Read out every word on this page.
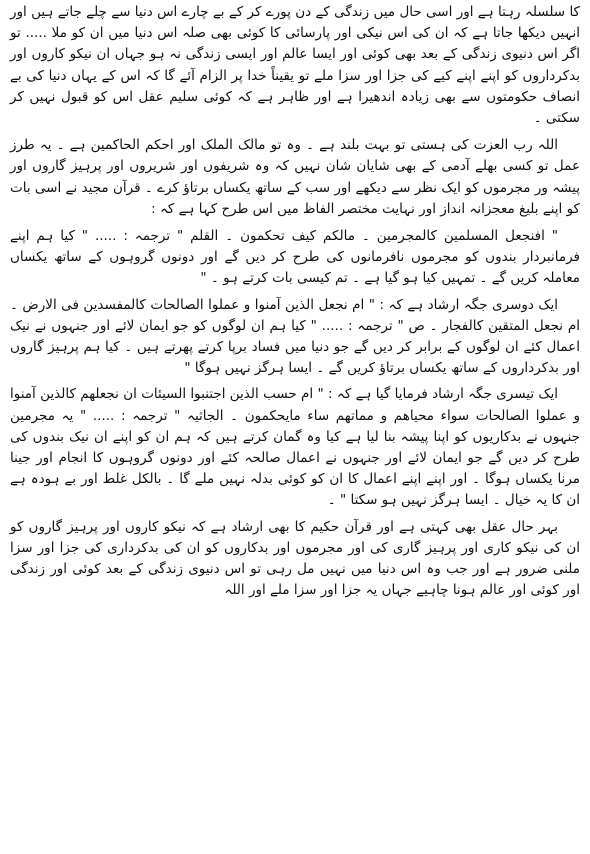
کا سلسلہ رہتا ہے اور اسی حال میں زندگی کے دن پورے کر کے بے چارے اس دنیا سے چلے جاتے ہیں اور انہیں دیکھا جاتا ہے کہ ان کی اس نیکی اور پارسائی کا کوئی بھی صلہ اس دنیا میں ان کو ملا ..... تو اگر اس دنیوی زندگی کے بعد بھی کوئی اور ایسا عالم اور ایسی زندگی نہ ہو جہاں ان نیکو کاروں اور بدکرداروں کو اپنے اپنے کیے کی جزا اور سزا ملے تو یقیناً خدا پر الزام آئے گا کہ اس کے یہاں دنیا کی بے انصاف حکومتوں سے بھی زیادہ اندھیرا ہے اور ظاہر ہے کہ کوئی سلیم عقل اس کو قبول نہیں کر سکتی ۔

اللہ رب العزت کی ہستی تو بہت بلند ہے ۔ وہ تو مالک الملک اور احکم الحاکمین ہے ۔ یہ طرز عمل تو کسی بھلے آدمی کے بھی شایان شان نہیں کہ وہ شریفوں اور شریروں اور پرہیز گاروں اور پیشہ ور مجرموں کو ایک نظر سے دیکھے اور سب کے ساتھ یکساں برتاؤ کرے ۔ قرآن مجید نے اسی بات کو اپنے بلیغ معجزانہ انداز اور نہایت مختصر الفاظ میں اس طرح کہا ہے کہ :

" افنجعل المسلمین کالمجرمین ۔ مالکم کیف تحکمون ۔ القلم " ترجمہ : ..... " کیا ہم اپنے فرمانبردار بندوں کو مجرموں نافرمانوں کی طرح کر دیں گے اور دونوں گروہوں کے ساتھ یکساں معاملہ کریں گے ۔ تمہیں کیا ہو گیا ہے ۔ تم کیسی بات کرتے ہو ۔ "

ایک دوسری جگہ ارشاد ہے کہ : " ام نجعل الذین آمنوا و عملوا الصالحات کالمفسدین فی الارض ۔ ام نجعل المتقین کالفجار ۔ ص " ترجمہ : ..... " کیا ہم ان لوگوں کو جو ایمان لائے اور جنہوں نے نیک اعمال کئے ان لوگوں کے برابر کر دیں گے جو دنیا میں فساد برپا کرتے پھرتے ہیں ۔ کیا ہم پرہیز گاروں اور بدکرداروں کے ساتھ یکساں برتاؤ کریں گے ۔ ایسا ہرگز نہیں ہوگا "

ایک تیسری جگہ ارشاد فرمایا گیا ہے کہ : " ام حسب الذین اجتنبوا السیئات ان نجعلھم کالذین آمنوا و عملوا الصالحات سواء محیاھم و مماتھم ساء مایحکمون ۔ الجاثیہ " ترجمہ : ..... " یہ مجرمین جنہوں نے بدکاریوں کو اپنا پیشہ بنا لیا ہے کیا وہ گمان کرتے ہیں کہ ہم ان کو اپنے ان نیک بندوں کی طرح کر دیں گے جو ایمان لائے اور جنہوں نے اعمال صالحہ کئے اور دونوں گروہوں کا انجام اور جینا مرنا یکساں ہوگا ۔ اور اپنے اپنے اعمال کا ان کو کوئی بدلہ نہیں ملے گا ۔ بالکل غلط اور بے ہودہ ہے ان کا یہ خیال ۔ ایسا ہرگز نہیں ہو سکتا " ۔

بہر حال عقل بھی کہتی ہے اور قرآن حکیم کا بھی ارشاد ہے کہ نیکو کاروں اور پرہیز گاروں کو ان کی نیکو کاری اور پرہیز گاری کی اور مجرموں اور بدکاروں کو ان کی بدکرداری کی جزا اور سزا ملنی ضرور ہے اور جب وہ اس دنیا میں نہیں مل رہی تو اس دنیوی زندگی کے بعد کوئی اور زندگی اور کوئی اور عالم ہونا چاہیے جہاں یہ جزا اور سزا ملے اور اللہ
